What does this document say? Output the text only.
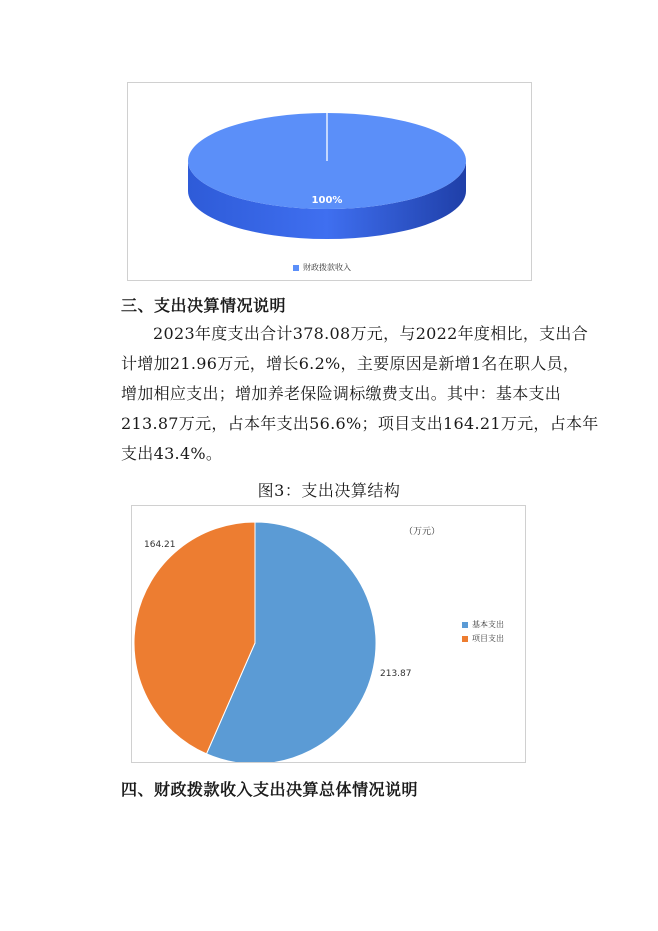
100%
财政拨款收入
三、支出决算情况说明
2023年度支出合计378.08万元，与2022年度相比，支出合
计增加21.96万元，增长6.2%，主要原因是新增1名在职人员，
增加相应支出；增加养老保险调标缴费支出。其中：基本支出
213.87万元，占本年支出56.6%；项目支出164.21万元，占本年
支出43.4%。
图3：支出决算结构
（万元）
213.87
164.21
基本支出
项目支出
四、财政拨款收入支出决算总体情况说明
